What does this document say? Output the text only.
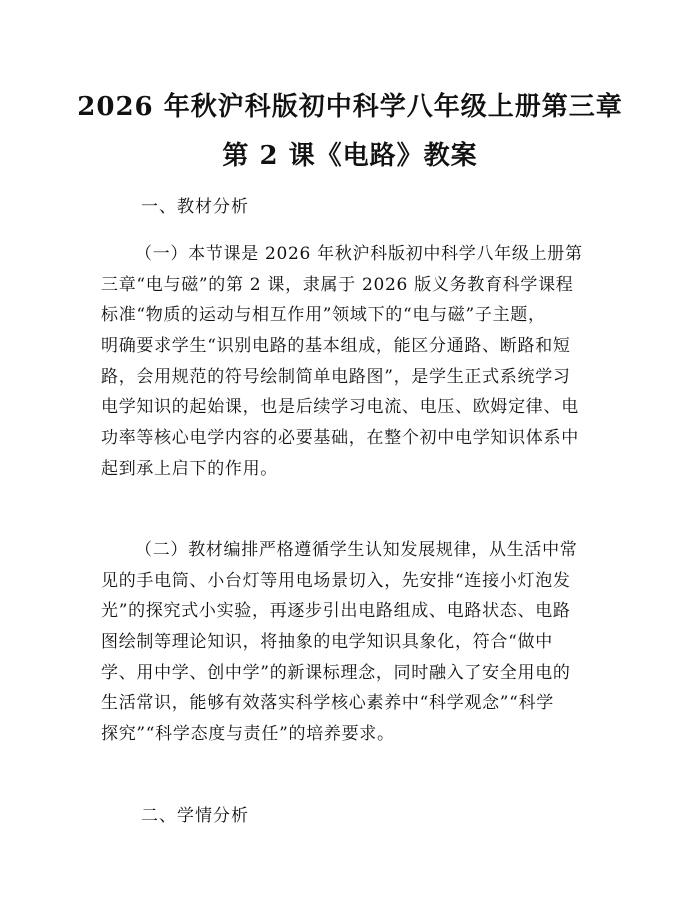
2026 年秋沪科版初中科学八年级上册第三章
第 2 课《电路》教案
一、教材分析
（一）本节课是 2026 年秋沪科版初中科学八年级上册第
三章“电与磁”的第 2 课，隶属于 2026 版义务教育科学课程
标准“物质的运动与相互作用”领域下的“电与磁”子主题，
明确要求学生“识别电路的基本组成，能区分通路、断路和短
路，会用规范的符号绘制简单电路图”，是学生正式系统学习
电学知识的起始课，也是后续学习电流、电压、欧姆定律、电
功率等核心电学内容的必要基础，在整个初中电学知识体系中
起到承上启下的作用。
（二）教材编排严格遵循学生认知发展规律，从生活中常
见的手电筒、小台灯等用电场景切入，先安排“连接小灯泡发
光”的探究式小实验，再逐步引出电路组成、电路状态、电路
图绘制等理论知识，将抽象的电学知识具象化，符合“做中
学、用中学、创中学”的新课标理念，同时融入了安全用电的
生活常识，能够有效落实科学核心素养中“科学观念”“科学
探究”“科学态度与责任”的培养要求。
二、学情分析
